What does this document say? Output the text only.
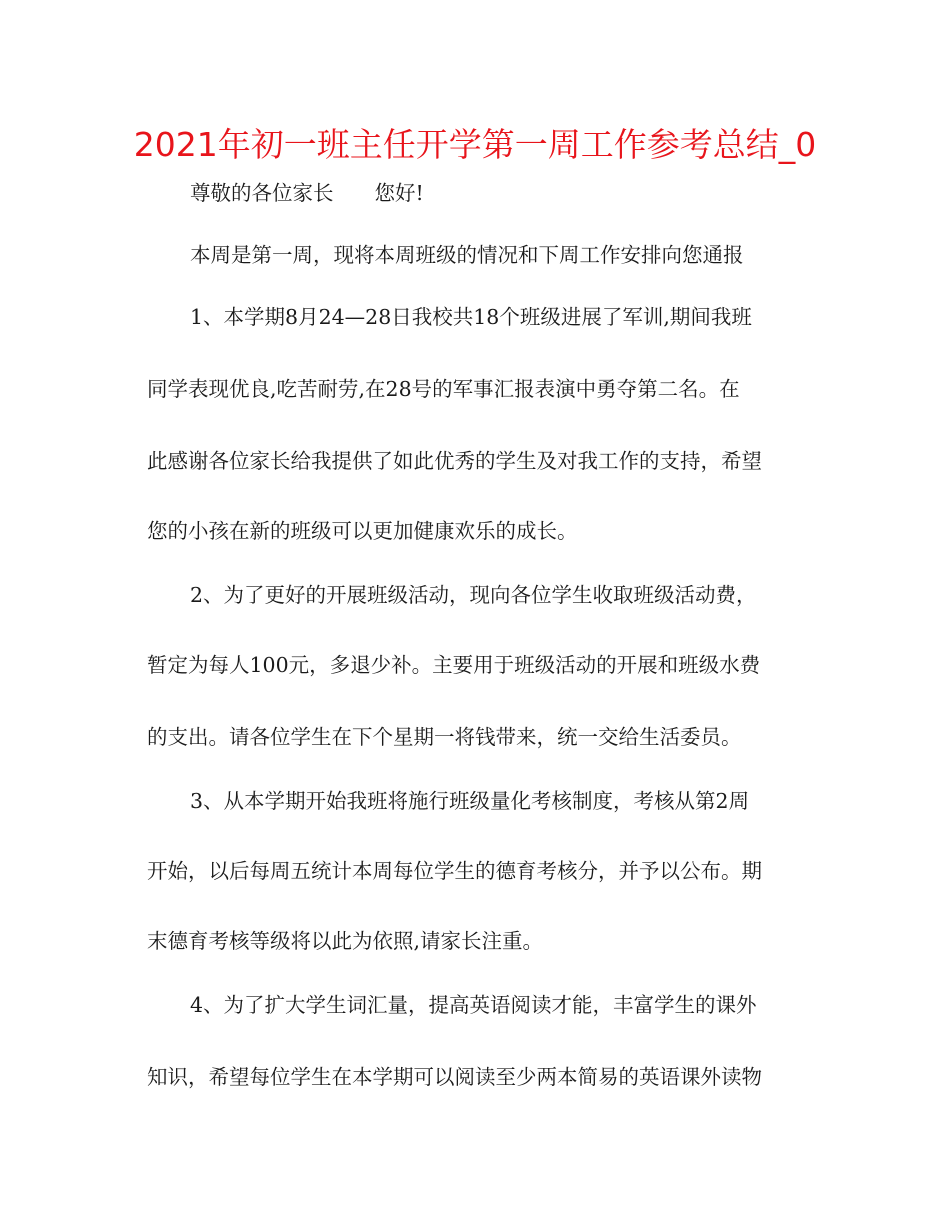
2021年初一班主任开学第一周工作参考总结_0

尊敬的各位家长　　您好!

本周是第一周，现将本周班级的情况和下周工作安排向您通报

1、本学期8月24—28日我校共18个班级进展了军训,期间我班

同学表现优良,吃苦耐劳,在28号的军事汇报表演中勇夺第二名。在

此感谢各位家长给我提供了如此优秀的学生及对我工作的支持，希望

您的小孩在新的班级可以更加健康欢乐的成长。

2、为了更好的开展班级活动，现向各位学生收取班级活动费，

暂定为每人100元，多退少补。主要用于班级活动的开展和班级水费

的支出。请各位学生在下个星期一将钱带来，统一交给生活委员。

3、从本学期开始我班将施行班级量化考核制度，考核从第2周

开始，以后每周五统计本周每位学生的德育考核分，并予以公布。期

末德育考核等级将以此为依照,请家长注重。

4、为了扩大学生词汇量，提高英语阅读才能，丰富学生的课外

知识，希望每位学生在本学期可以阅读至少两本简易的英语课外读物
